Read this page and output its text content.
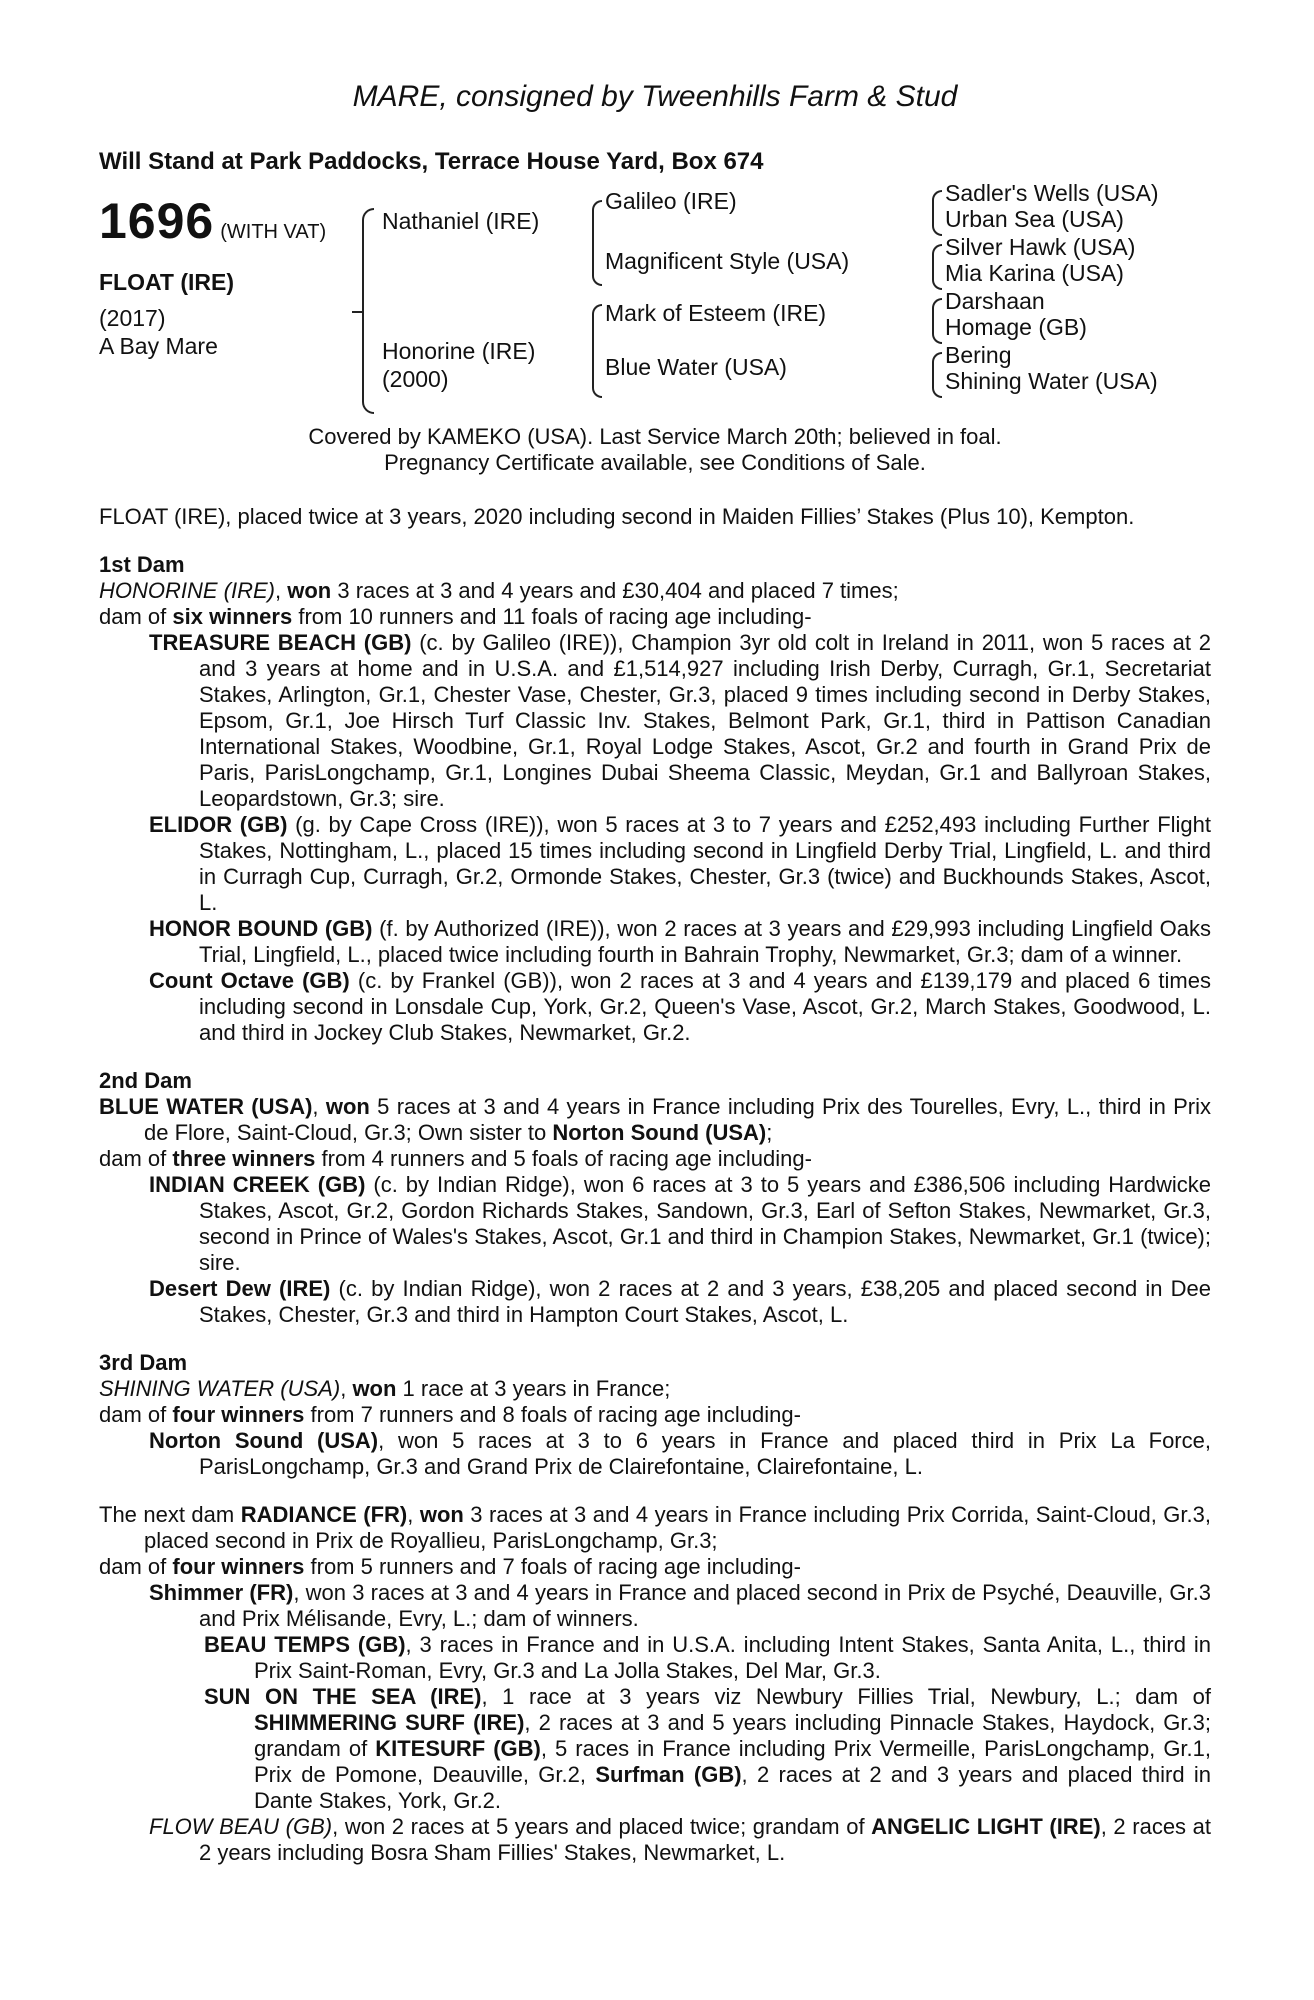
MARE, consigned by Tweenhills Farm & Stud
Will Stand at Park Paddocks, Terrace House Yard, Box 674
1696 (WITH VAT)
FLOAT (IRE)
(2017)
A Bay Mare
Nathaniel (IRE)
Honorine (IRE)
(2000)
Galileo (IRE)
Magnificent Style (USA)
Mark of Esteem (IRE)
Blue Water (USA)
Sadler's Wells (USA)
Urban Sea (USA)
Silver Hawk (USA)
Mia Karina (USA)
Darshaan
Homage (GB)
Bering
Shining Water (USA)
Covered by KAMEKO (USA). Last Service March 20th; believed in foal.
Pregnancy Certificate available, see Conditions of Sale.
FLOAT (IRE), placed twice at 3 years, 2020 including second in Maiden Fillies’ Stakes (Plus 10), Kempton.
1st Dam
HONORINE (IRE), won 3 races at 3 and 4 years and £30,404 and placed 7 times;
dam of six winners from 10 runners and 11 foals of racing age including-
TREASURE BEACH (GB) (c. by Galileo (IRE)), Champion 3yr old colt in Ireland in 2011, won 5 races at 2 and 3 years at home and in U.S.A. and £1,514,927 including Irish Derby, Curragh, Gr.1, Secretariat Stakes, Arlington, Gr.1, Chester Vase, Chester, Gr.3, placed 9 times including second in Derby Stakes, Epsom, Gr.1, Joe Hirsch Turf Classic Inv. Stakes, Belmont Park, Gr.1, third in Pattison Canadian International Stakes, Woodbine, Gr.1, Royal Lodge Stakes, Ascot, Gr.2 and fourth in Grand Prix de Paris, ParisLongchamp, Gr.1, Longines Dubai Sheema Classic, Meydan, Gr.1 and Ballyroan Stakes, Leopardstown, Gr.3; sire.
ELIDOR (GB) (g. by Cape Cross (IRE)), won 5 races at 3 to 7 years and £252,493 including Further Flight Stakes, Nottingham, L., placed 15 times including second in Lingfield Derby Trial, Lingfield, L. and third in Curragh Cup, Curragh, Gr.2, Ormonde Stakes, Chester, Gr.3 (twice) and Buckhounds Stakes, Ascot, L.
HONOR BOUND (GB) (f. by Authorized (IRE)), won 2 races at 3 years and £29,993 including Lingfield Oaks Trial, Lingfield, L., placed twice including fourth in Bahrain Trophy, Newmarket, Gr.3; dam of a winner.
Count Octave (GB) (c. by Frankel (GB)), won 2 races at 3 and 4 years and £139,179 and placed 6 times including second in Lonsdale Cup, York, Gr.2, Queen's Vase, Ascot, Gr.2, March Stakes, Goodwood, L. and third in Jockey Club Stakes, Newmarket, Gr.2.
2nd Dam
BLUE WATER (USA), won 5 races at 3 and 4 years in France including Prix des Tourelles, Evry, L., third in Prix de Flore, Saint-Cloud, Gr.3; Own sister to Norton Sound (USA);
dam of three winners from 4 runners and 5 foals of racing age including-
INDIAN CREEK (GB) (c. by Indian Ridge), won 6 races at 3 to 5 years and £386,506 including Hardwicke Stakes, Ascot, Gr.2, Gordon Richards Stakes, Sandown, Gr.3, Earl of Sefton Stakes, Newmarket, Gr.3, second in Prince of Wales's Stakes, Ascot, Gr.1 and third in Champion Stakes, Newmarket, Gr.1 (twice); sire.
Desert Dew (IRE) (c. by Indian Ridge), won 2 races at 2 and 3 years, £38,205 and placed second in Dee Stakes, Chester, Gr.3 and third in Hampton Court Stakes, Ascot, L.
3rd Dam
SHINING WATER (USA), won 1 race at 3 years in France;
dam of four winners from 7 runners and 8 foals of racing age including-
Norton Sound (USA), won 5 races at 3 to 6 years in France and placed third in Prix La Force, ParisLongchamp, Gr.3 and Grand Prix de Clairefontaine, Clairefontaine, L.
The next dam RADIANCE (FR), won 3 races at 3 and 4 years in France including Prix Corrida, Saint-Cloud, Gr.3, placed second in Prix de Royallieu, ParisLongchamp, Gr.3;
dam of four winners from 5 runners and 7 foals of racing age including-
Shimmer (FR), won 3 races at 3 and 4 years in France and placed second in Prix de Psyché, Deauville, Gr.3 and Prix Mélisande, Evry, L.; dam of winners.
BEAU TEMPS (GB), 3 races in France and in U.S.A. including Intent Stakes, Santa Anita, L., third in Prix Saint-Roman, Evry, Gr.3 and La Jolla Stakes, Del Mar, Gr.3.
SUN ON THE SEA (IRE), 1 race at 3 years viz Newbury Fillies Trial, Newbury, L.; dam of SHIMMERING SURF (IRE), 2 races at 3 and 5 years including Pinnacle Stakes, Haydock, Gr.3; grandam of KITESURF (GB), 5 races in France including Prix Vermeille, ParisLongchamp, Gr.1, Prix de Pomone, Deauville, Gr.2, Surfman (GB), 2 races at 2 and 3 years and placed third in Dante Stakes, York, Gr.2.
FLOW BEAU (GB), won 2 races at 5 years and placed twice; grandam of ANGELIC LIGHT (IRE), 2 races at 2 years including Bosra Sham Fillies' Stakes, Newmarket, L.
